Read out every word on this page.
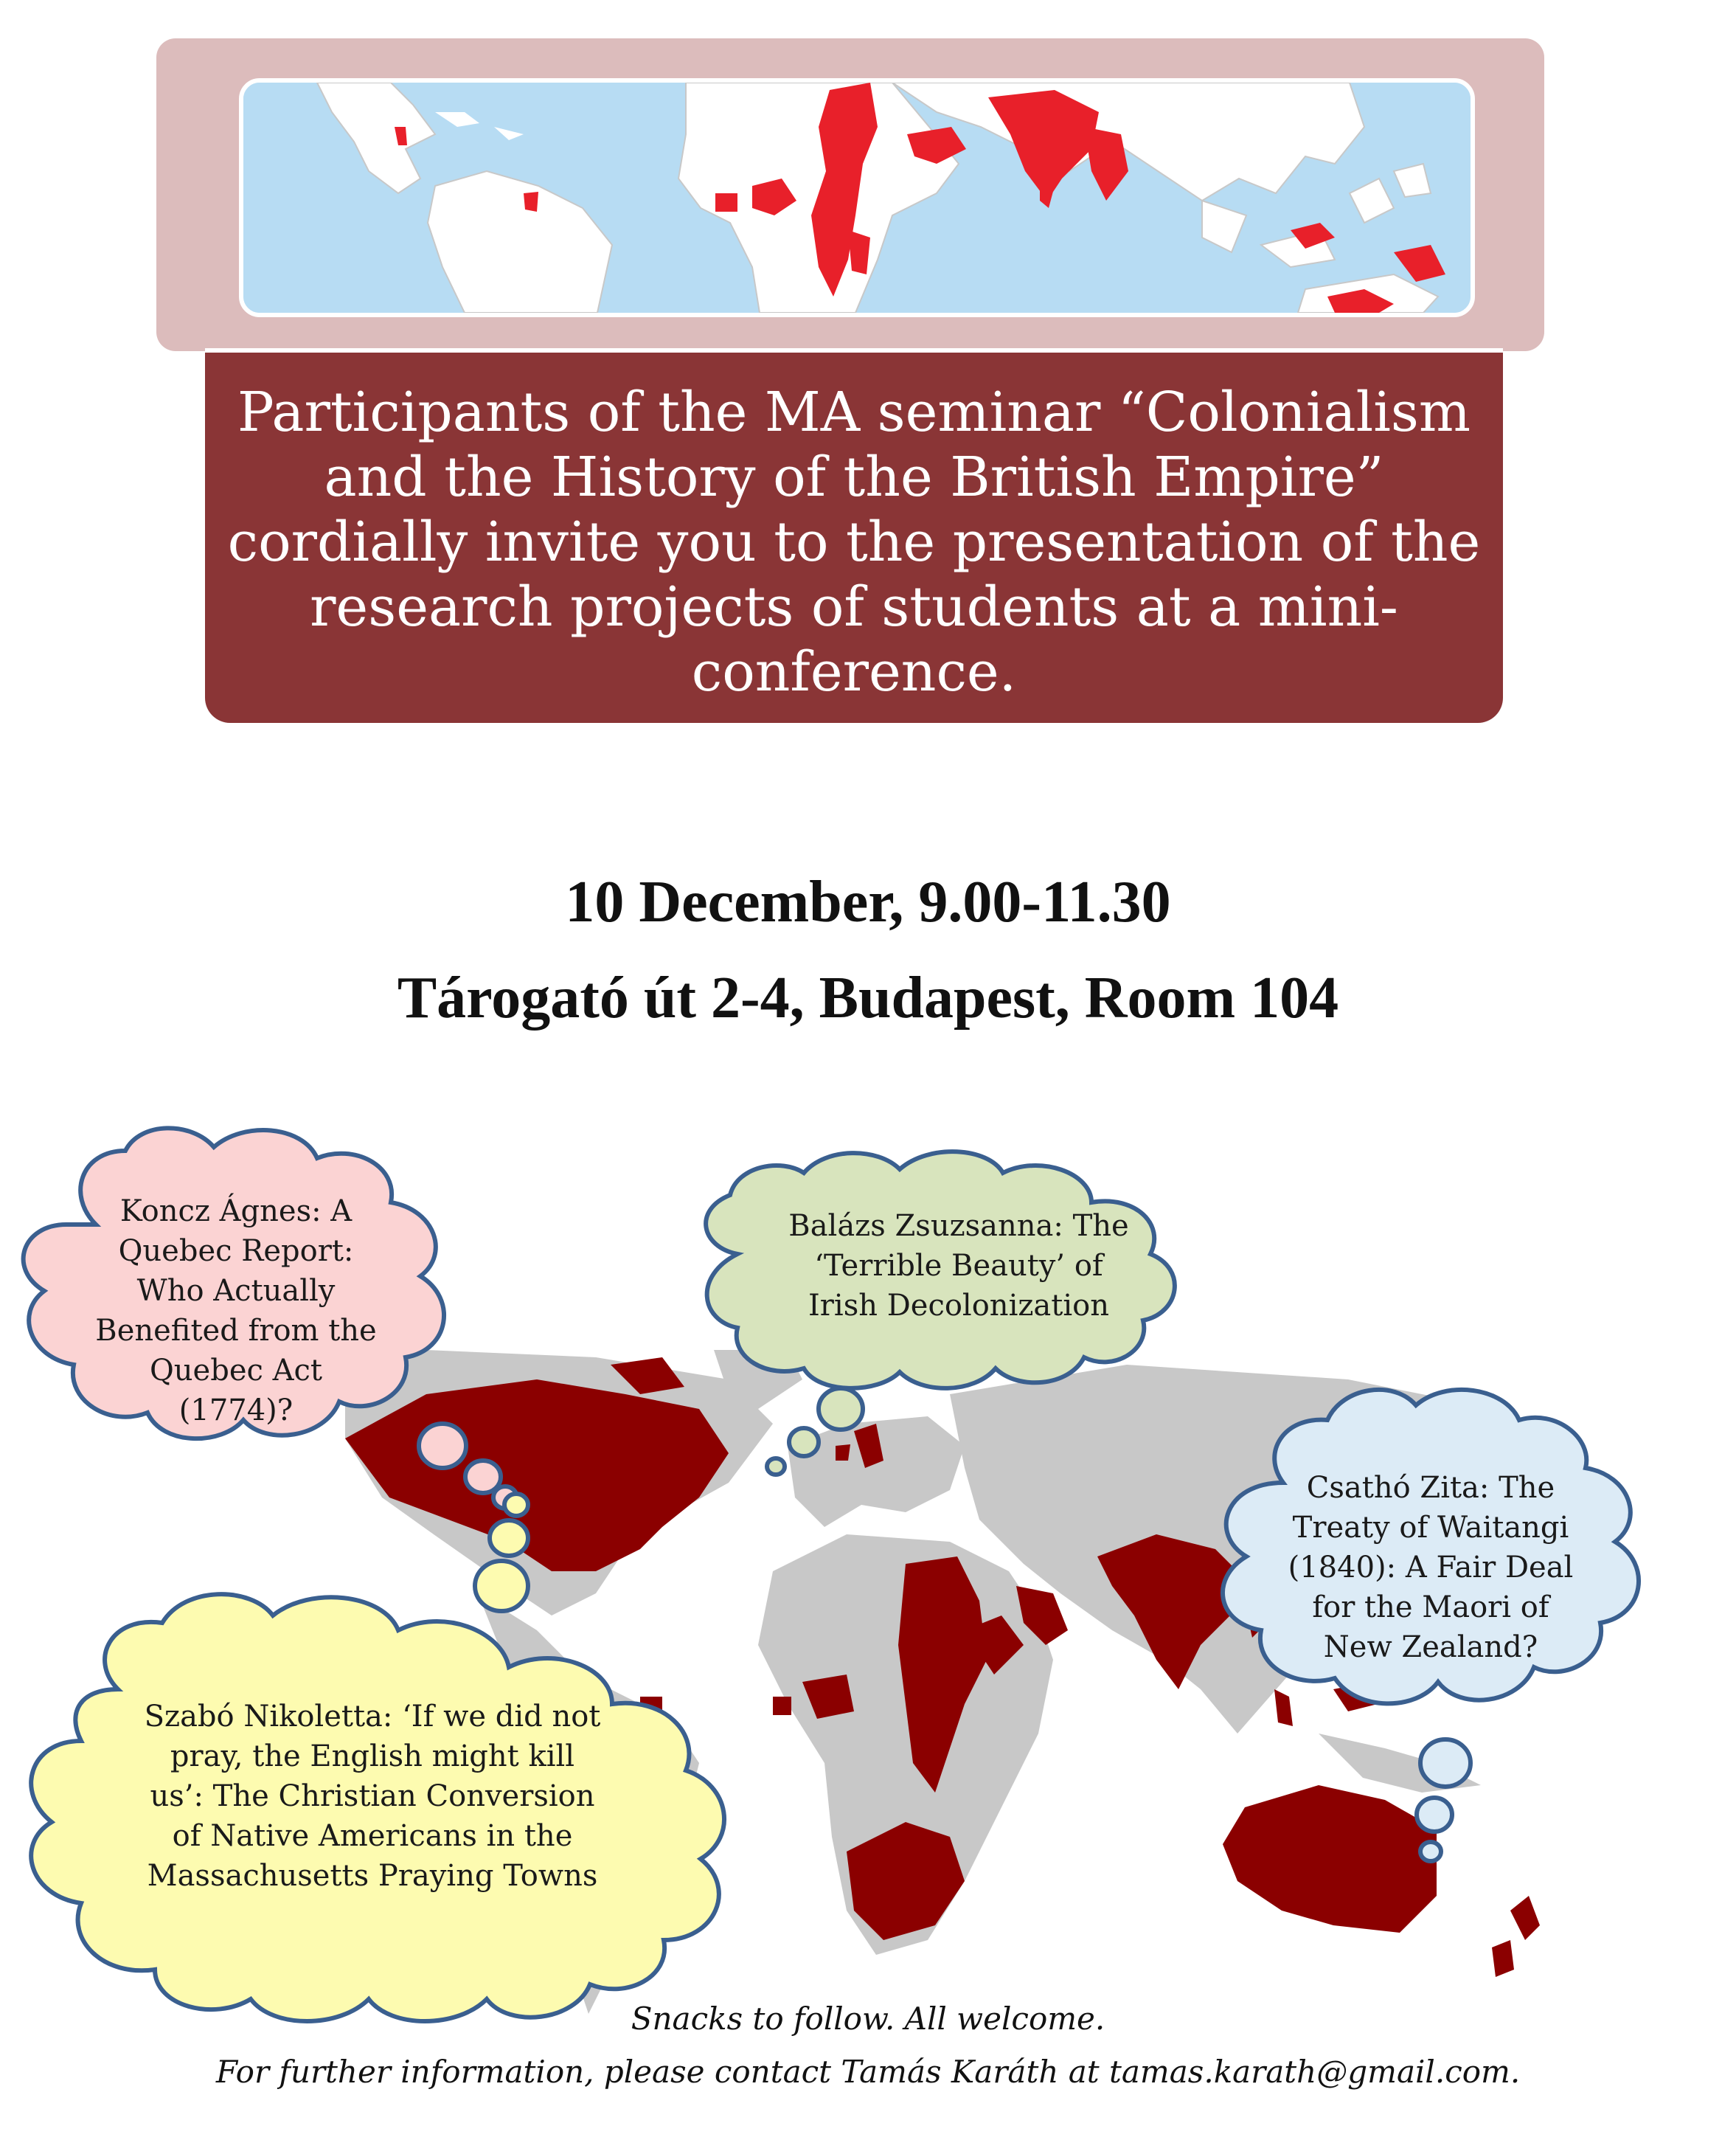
Participants of the MA seminar “Colonialism
and the History of the British Empire”
cordially invite you to the presentation of the
research projects of students at a mini-
conference.
10 December, 9.00-11.30
Tárogató út 2-4, Budapest, Room 104
Koncz Ágnes: A
Quebec Report:
Who Actually
Benefited from the
Quebec Act (1774)?
Balázs Zsuzsanna: The
‘Terrible Beauty’ of
Irish Decolonization
Csathó Zita: The
Treaty of Waitangi
(1840): A Fair Deal
for the Maori of
New Zealand?
Szabó Nikoletta: ‘If we did not
pray, the English might kill
us’: The Christian Conversion
of Native Americans in the
Massachusetts Praying Towns
Snacks to follow. All welcome.
For further information, please contact Tamás Karáth at tamas.karath@gmail.com.
